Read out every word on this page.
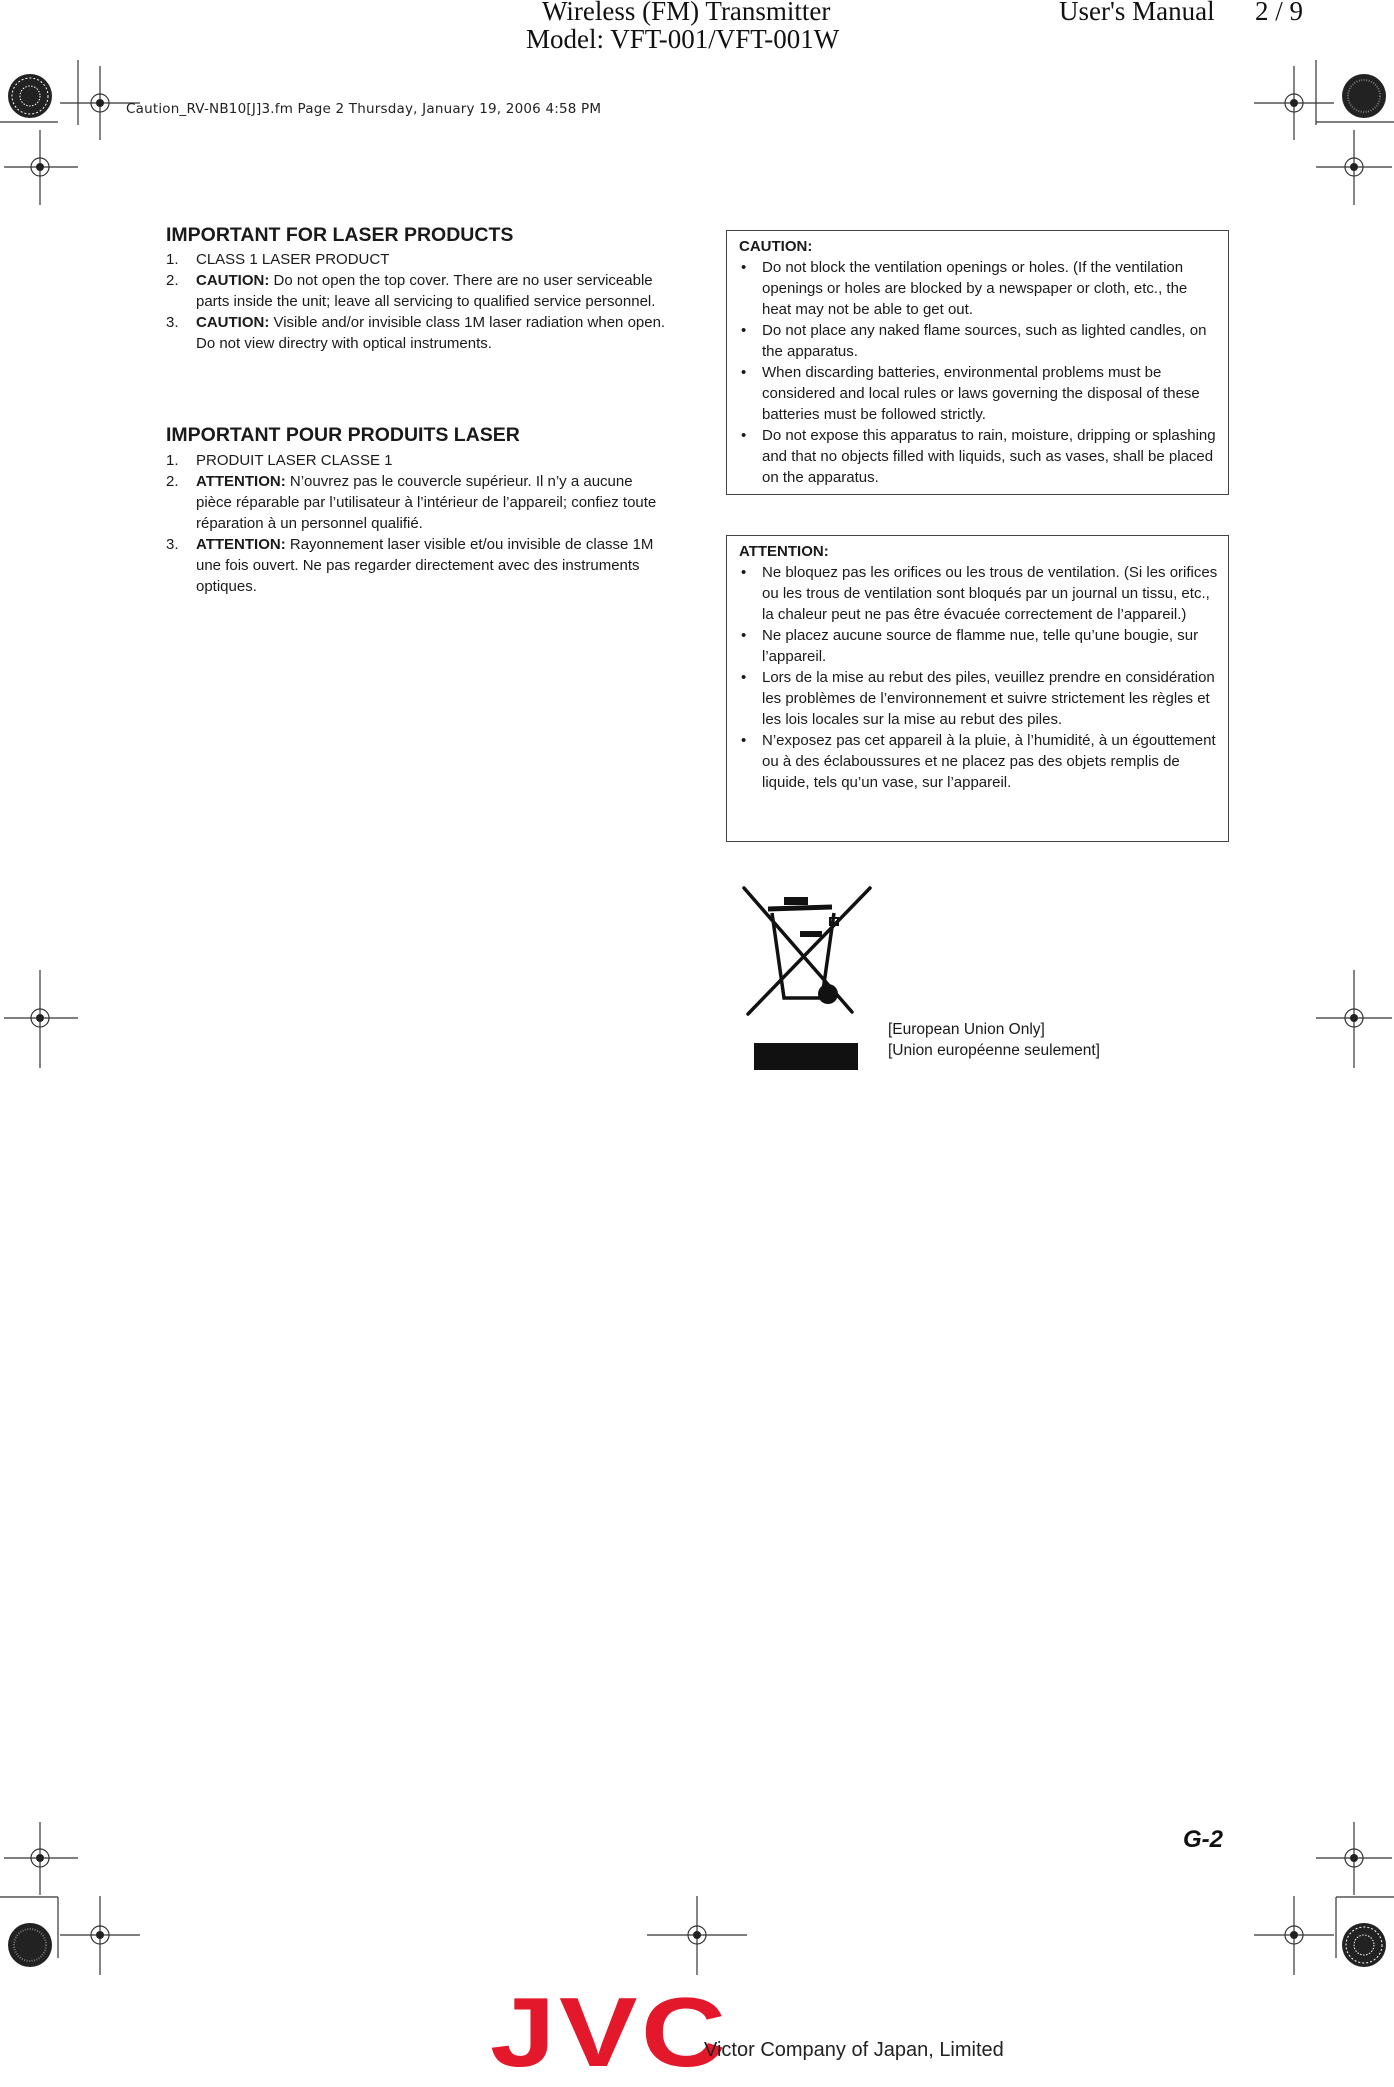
Wireless (FM) Transmitter
Model: VFT-001/VFT-001W
User's Manual 2 / 9
Caution_RV-NB10[J]3.fm Page 2 Thursday, January 19, 2006 4:58 PM
IMPORTANT FOR LASER PRODUCTS
1. CLASS 1 LASER PRODUCT
2. CAUTION: Do not open the top cover. There are no user serviceable parts inside the unit; leave all servicing to qualified service personnel.
3. CAUTION: Visible and/or invisible class 1M laser radiation when open. Do not view directry with optical instruments.
IMPORTANT POUR PRODUITS LASER
1. PRODUIT LASER CLASSE 1
2. ATTENTION: N’ouvrez pas le couvercle supérieur. Il n’y a aucune pièce réparable par l’utilisateur à l’intérieur de l’appareil; confiez toute réparation à un personnel qualifié.
3. ATTENTION: Rayonnement laser visible et/ou invisible de classe 1M une fois ouvert. Ne pas regarder directement avec des instruments optiques.
CAUTION:
• Do not block the ventilation openings or holes. (If the ventilation openings or holes are blocked by a newspaper or cloth, etc., the heat may not be able to get out.
• Do not place any naked flame sources, such as lighted candles, on the apparatus.
• When discarding batteries, environmental problems must be considered and local rules or laws governing the disposal of these batteries must be followed strictly.
• Do not expose this apparatus to rain, moisture, dripping or splashing and that no objects filled with liquids, such as vases, shall be placed on the apparatus.
ATTENTION:
• Ne bloquez pas les orifices ou les trous de ventilation. (Si les orifices ou les trous de ventilation sont bloqués par un journal un tissu, etc., la chaleur peut ne pas être évacuée correctement de l’appareil.)
• Ne placez aucune source de flamme nue, telle qu’une bougie, sur l’appareil.
• Lors de la mise au rebut des piles, veuillez prendre en considération les problèmes de l’environnement et suivre strictement les règles et les lois locales sur la mise au rebut des piles.
• N’exposez pas cet appareil à la pluie, à l’humidité, à un égouttement ou à des éclaboussures et ne placez pas des objets remplis de liquide, tels qu’un vase, sur l’appareil.
[European Union Only]
[Union européenne seulement]
G-2
JVC
Victor Company of Japan, Limited
